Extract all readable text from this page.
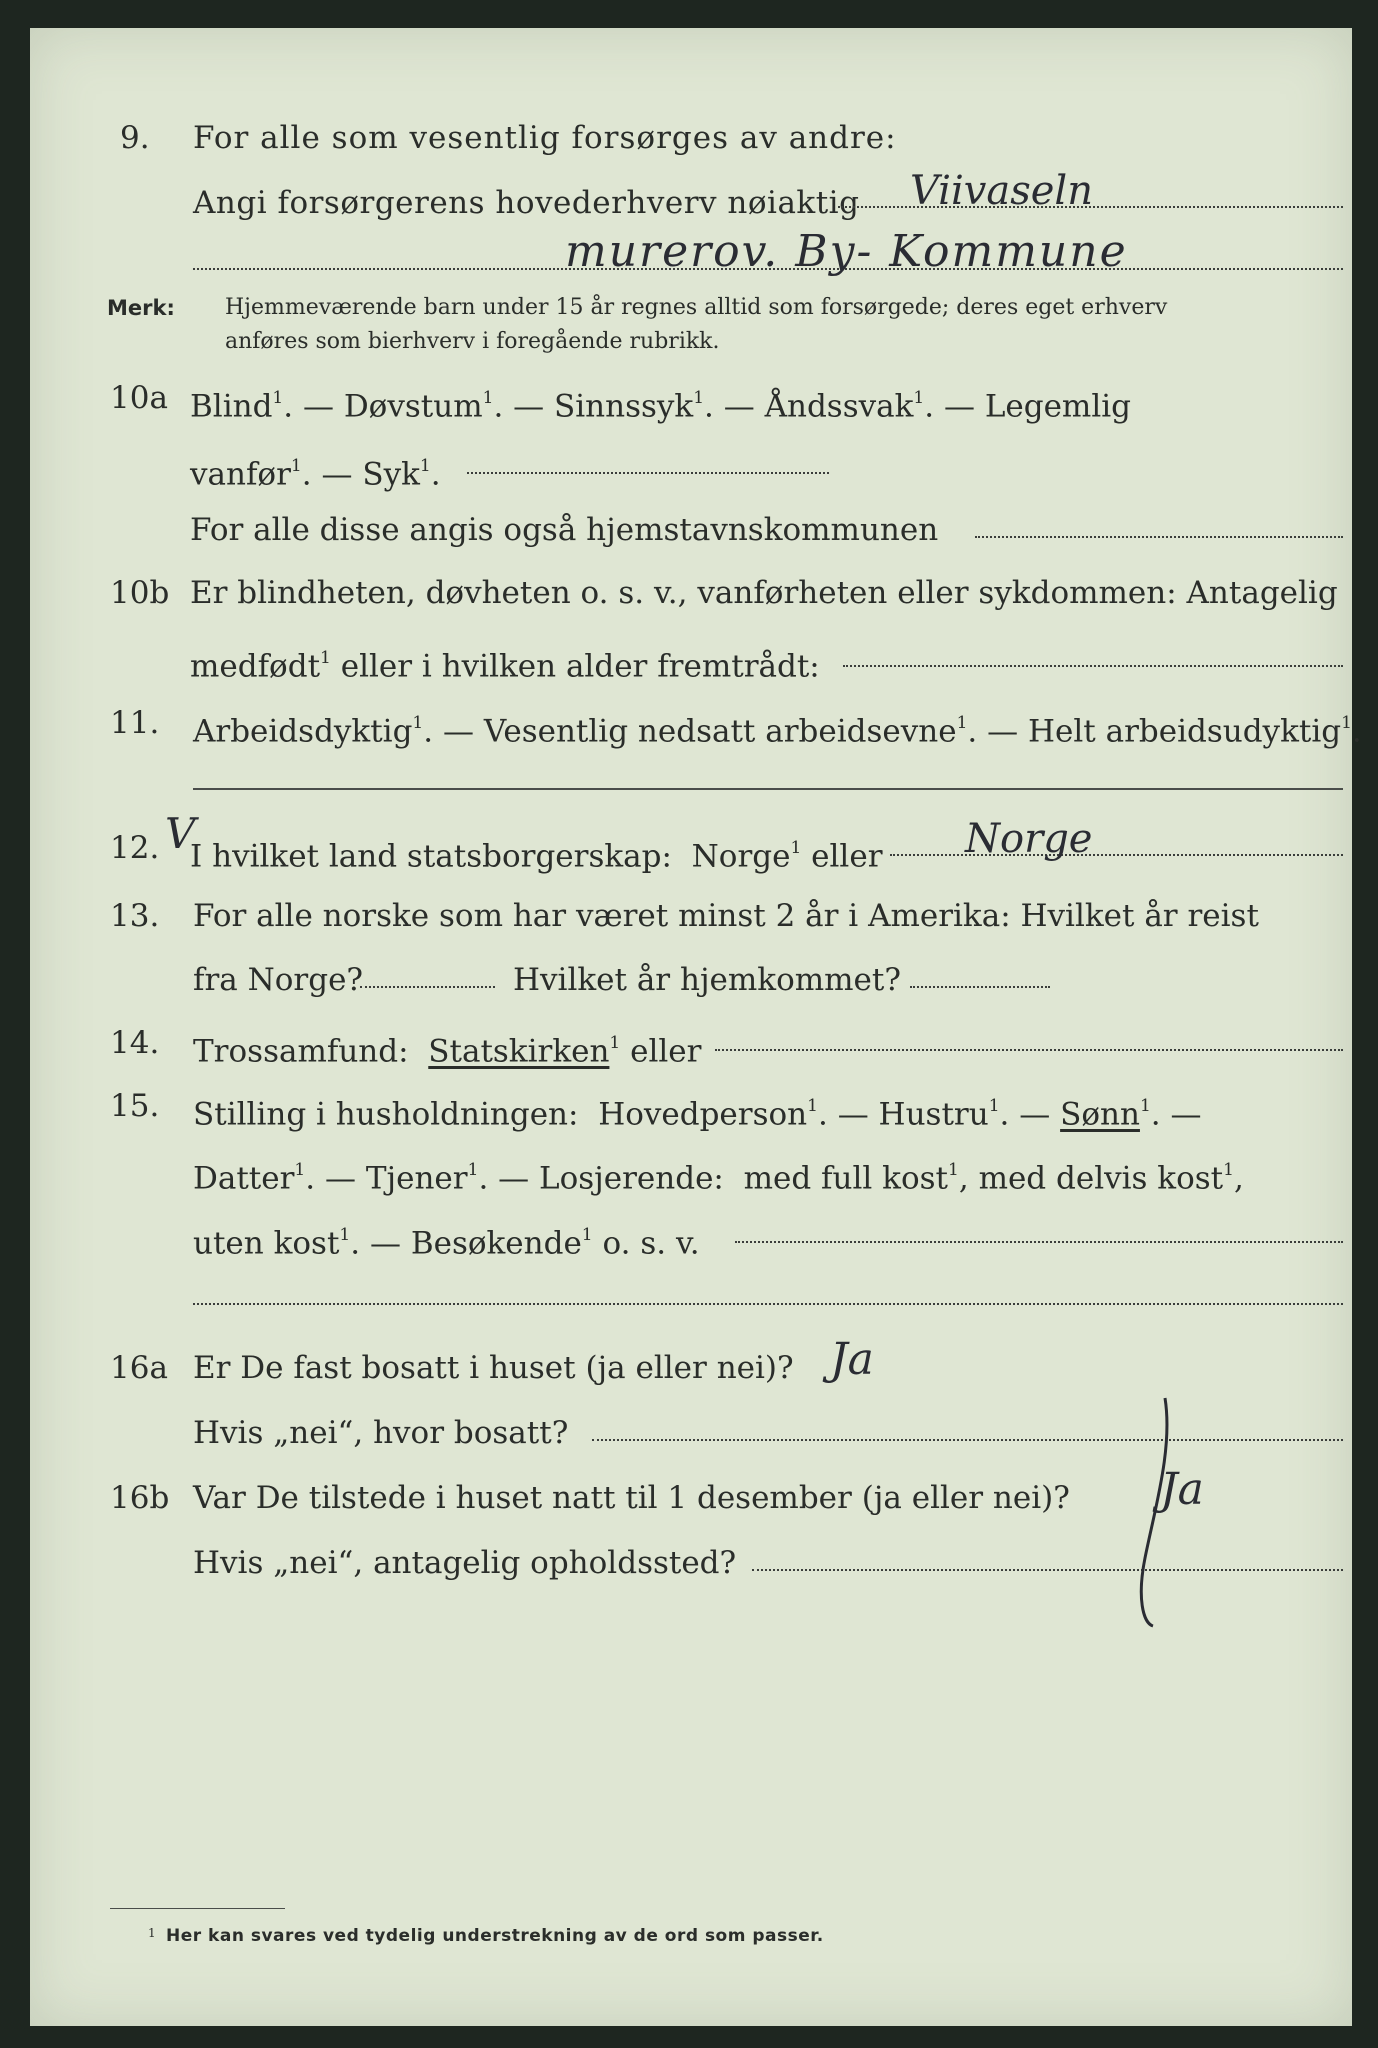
9. For alle som vesentlig forsørges av andre:
Angi forsørgerens hovederhverv nøiaktig Viivaseln
murerov. By- Kommune
Merk: Hjemmeværende barn under 15 år regnes alltid som forsørgede; deres eget erhverv
anføres som bierhverv i foregående rubrikk.
10a Blind$^1$. — Døvstum$^1$. — Sinnssyk$^1$. — Åndssvak$^1$. — Legemlig
vanfør$^1$. — Syk$^1$.
For alle disse angis også hjemstavnskommunen
10b Er blindheten, døvheten o. s. v., vanførheten eller sykdommen: Antagelig
medfødt$^1$ eller i hvilken alder fremtrådt:
11. Arbeidsdyktig$^1$. — Vesentlig nedsatt arbeidsevne$^1$. — Helt arbeidsudyktig$^1$.
12. V
I hvilket land statsborgerskap: Norge$^1$ eller Norge
13. For alle norske som har været minst 2 år i Amerika: Hvilket år reist
fra Norge?	Hvilket år hjemkommet?
14. Trossamfund: Statskirken$^1$ eller
15. Stilling i husholdningen: Hovedperson$^1$. — Hustru$^1$. — Sønn$^1$. —
Datter$^1$. — Tjener$^1$. — Losjerende: med full kost$^1$, med delvis kost$^1$,
uten kost$^1$. — Besøkende$^1$ o. s. v.
16a Er De fast bosatt i huset (ja eller nei)? Ja
Hvis „nei“, hvor bosatt?
16b Var De tilstede i huset natt til 1 desember (ja eller nei)? Ja
Hvis „nei“, antagelig opholdssted?
1 Her kan svares ved tydelig understrekning av de ord som passer.
